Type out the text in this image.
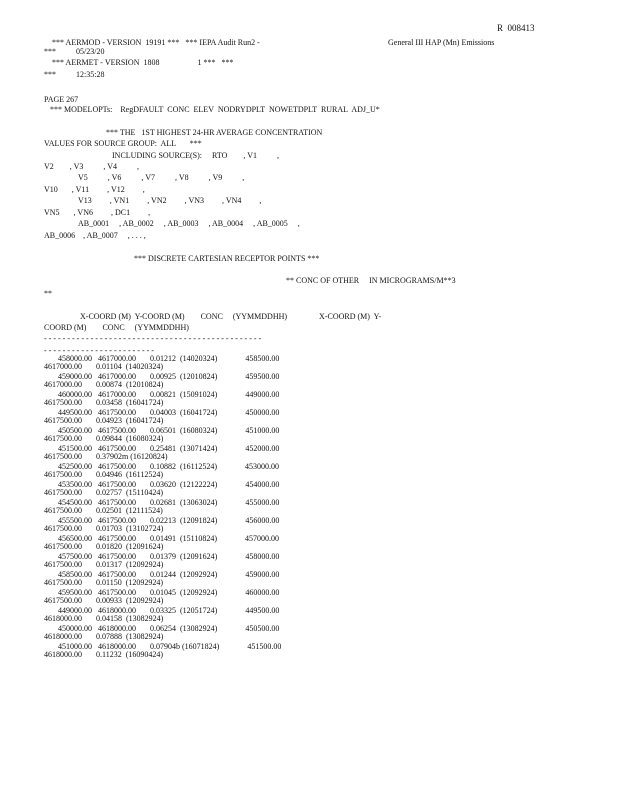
R  008413
*** AERMOD - VERSION  19191 ***   *** IEPA Audit Run2 -	General III HAP (Mn) Emissions
***          05/23/20
*** AERMET - VERSION  1808                   1 ***   ***
***          12:35:28
PAGE 267
*** MODELOPTs:    RegDFAULT  CONC  ELEV  NODRYDPLT  NOWETDPLT  RURAL  ADJ_U*
*** THE   1ST HIGHEST 24-HR AVERAGE CONCENTRATION
VALUES FOR SOURCE GROUP:  ALL       ***
INCLUDING SOURCE(S):     RTO        , V1          ,
V2        , V3          , V4          ,
V5          , V6          , V7          , V8          , V9          ,
V10       , V11         , V12         ,
V13         , VN1         , VN2         , VN3         , VN4         ,
VN5       , VN6         , DC1         ,
AB_0001     , AB_0002     , AB_0003     , AB_0004     , AB_0005     ,
AB_0006    , AB_0007     , . . . ,
*** DISCRETE CARTESIAN RECEPTOR POINTS ***
** CONC OF OTHER     IN MICROGRAMS/M**3
**
X-COORD (M)  Y-COORD (M)        CONC     (YYMMDDHH)                X-COORD (M)  Y-
COORD (M)        CONC     (YYMMDDHH)
- - - - - - - - - - - - - - - - - - - - - - - - - - - - - - - - - - - - - - - - - - - - - - -
- - - - - - - - - - - - - - - - - - - - - - - -
458000.00   4617000.00       0.01212  (14020324)              458500.00
4617000.00       0.01104  (14020324)
459000.00   4617000.00       0.00925  (12010824)              459500.00
4617000.00       0.00874  (12010824)
460000.00   4617000.00       0.00821  (15091024)              449000.00
4617500.00       0.03458  (16041724)
449500.00   4617500.00       0.04003  (16041724)              450000.00
4617500.00       0.04923  (16041724)
450500.00   4617500.00       0.06501  (16080324)              451000.00
4617500.00       0.09844  (16080324)
451500.00   4617500.00       0.25481  (13071424)              452000.00
4617500.00       0.37902m (16120824)
452500.00   4617500.00       0.10882  (16112524)              453000.00
4617500.00       0.04946  (16112524)
453500.00   4617500.00       0.03620  (12122224)              454000.00
4617500.00       0.02757  (15110424)
454500.00   4617500.00       0.02681  (13063024)              455000.00
4617500.00       0.02501  (12111524)
455500.00   4617500.00       0.02213  (12091824)              456000.00
4617500.00       0.01703  (13102724)
456500.00   4617500.00       0.01491  (15110824)              457000.00
4617500.00       0.01820  (12091624)
457500.00   4617500.00       0.01379  (12091624)              458000.00
4617500.00       0.01317  (12092924)
458500.00   4617500.00       0.01244  (12092924)              459000.00
4617500.00       0.01150  (12092924)
459500.00   4617500.00       0.01045  (12092924)              460000.00
4617500.00       0.00933  (12092924)
449000.00   4618000.00       0.03325  (12051724)              449500.00
4618000.00       0.04158  (13082924)
450000.00   4618000.00       0.06254  (13082924)              450500.00
4618000.00       0.07888  (13082924)
451000.00   4618000.00       0.07904b (16071824)              451500.00
4618000.00       0.11232  (16090424)
